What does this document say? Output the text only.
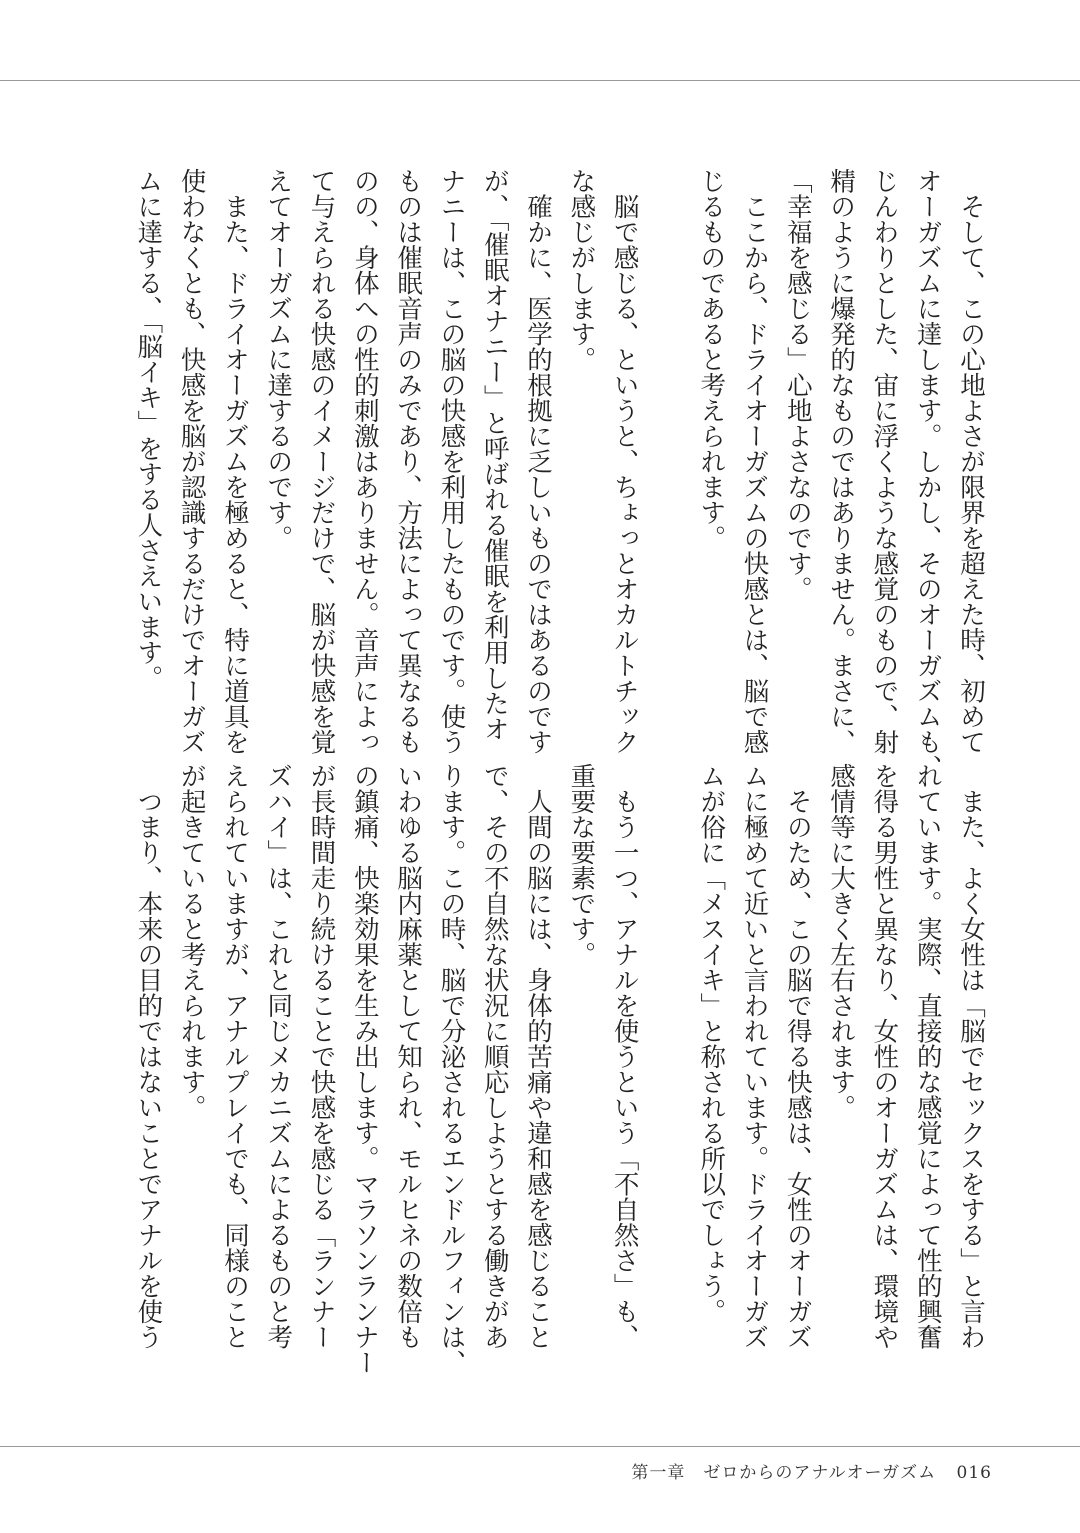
　そして、この心地よさが限界を超えた時、初めて
オーガズムに達します。しかし、そのオーガズムも、
じんわりとした、宙に浮くような感覚のもので、射
精のように爆発的なものではありません。まさに、
「幸福を感じる」心地よさなのです。
　ここから、ドライオーガズムの快感とは、脳で感
じるものであると考えられます。
　脳で感じる、というと、ちょっとオカルトチック
な感じがします。
　確かに、医学的根拠に乏しいものではあるのです
が、「催眠オナニー」と呼ばれる催眠を利用したオ
ナニーは、この脳の快感を利用したものです。使う
ものは催眠音声のみであり、方法によって異なるも
のの、身体への性的刺激はありません。音声によっ
て与えられる快感のイメージだけで、脳が快感を覚
えてオーガズムに達するのです。
　また、ドライオーガズムを極めると、特に道具を
使わなくとも、快感を脳が認識するだけでオーガズ
ムに達する、「脳イキ」をする人さえいます。
　また、よく女性は「脳でセックスをする」と言わ
れています。実際、直接的な感覚によって性的興奮
を得る男性と異なり、女性のオーガズムは、環境や
感情等に大きく左右されます。
　そのため、この脳で得る快感は、女性のオーガズ
ムに極めて近いと言われています。ドライオーガズ
ムが俗に「メスイキ」と称される所以でしょう。
　もう一つ、アナルを使うという「不自然さ」も、
重要な要素です。
　人間の脳には、身体的苦痛や違和感を感じること
で、その不自然な状況に順応しようとする働きがあ
ります。この時、脳で分泌されるエンドルフィンは、
いわゆる脳内麻薬として知られ、モルヒネの数倍も
の鎮痛、快楽効果を生み出します。マラソンランナー
が長時間走り続けることで快感を感じる「ランナー
ズハイ」は、これと同じメカニズムによるものと考
えられていますが、アナルプレイでも、同様のこと
が起きていると考えられます。
　つまり、本来の目的ではないことでアナルを使う
第一章　ゼロからのアナルオーガズム 016
